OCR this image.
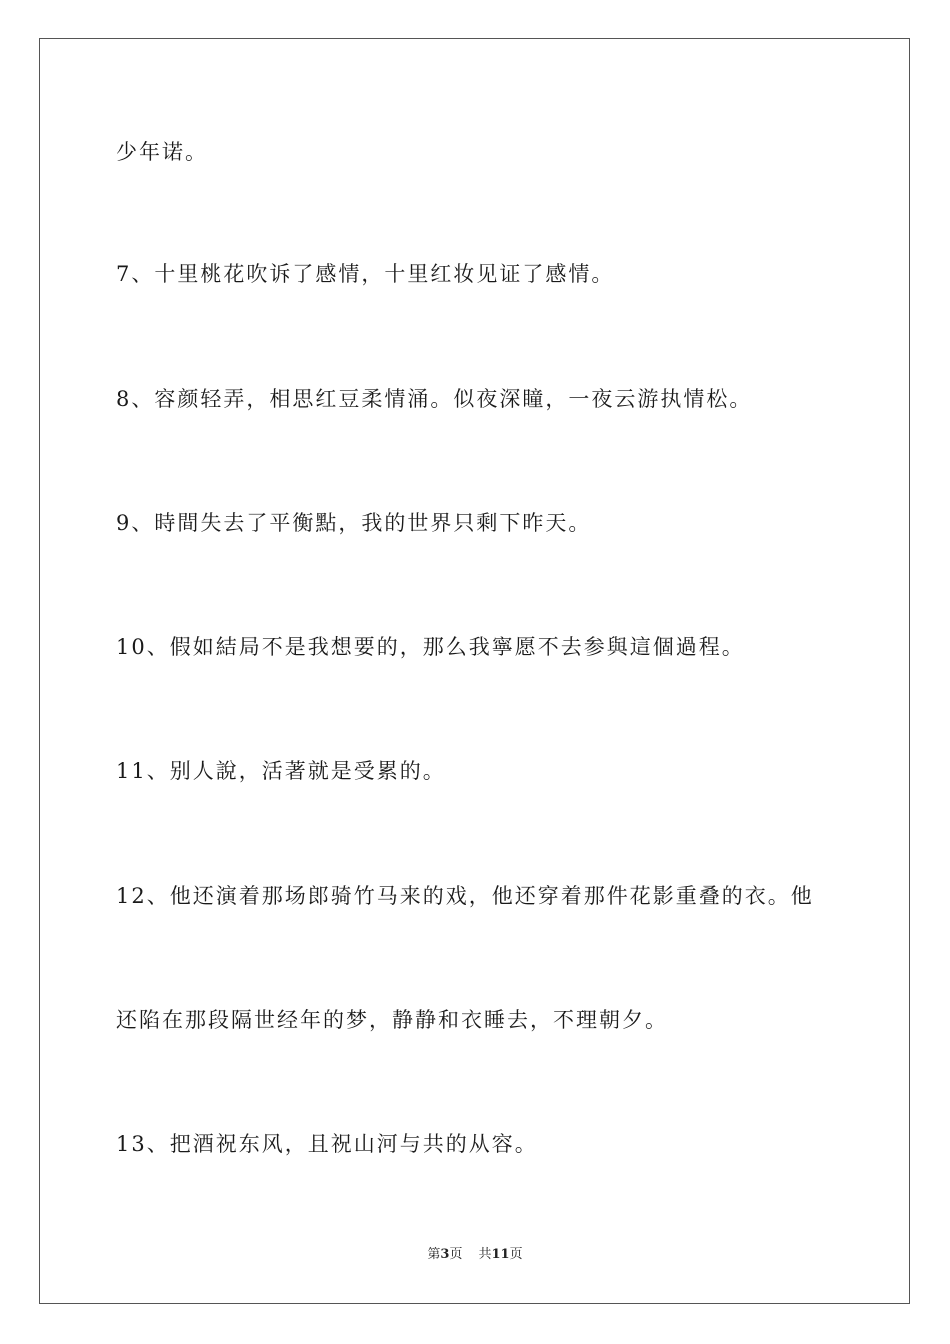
少年诺。
7、十里桃花吹诉了感情，十里红妆见证了感情。
8、容颜轻弄，相思红豆柔情涌。似夜深瞳，一夜云游执情松。
9、時間失去了平衡點，我的世界只剩下昨天。
10、假如結局不是我想要的，那么我寧愿不去参與這個過程。
11、别人說，活著就是受累的。
12、他还演着那场郎骑竹马来的戏，他还穿着那件花影重叠的衣。他
还陷在那段隔世经年的梦，静静和衣睡去，不理朝夕。
13、把酒祝东风，且祝山河与共的从容。
第3页 共11页
